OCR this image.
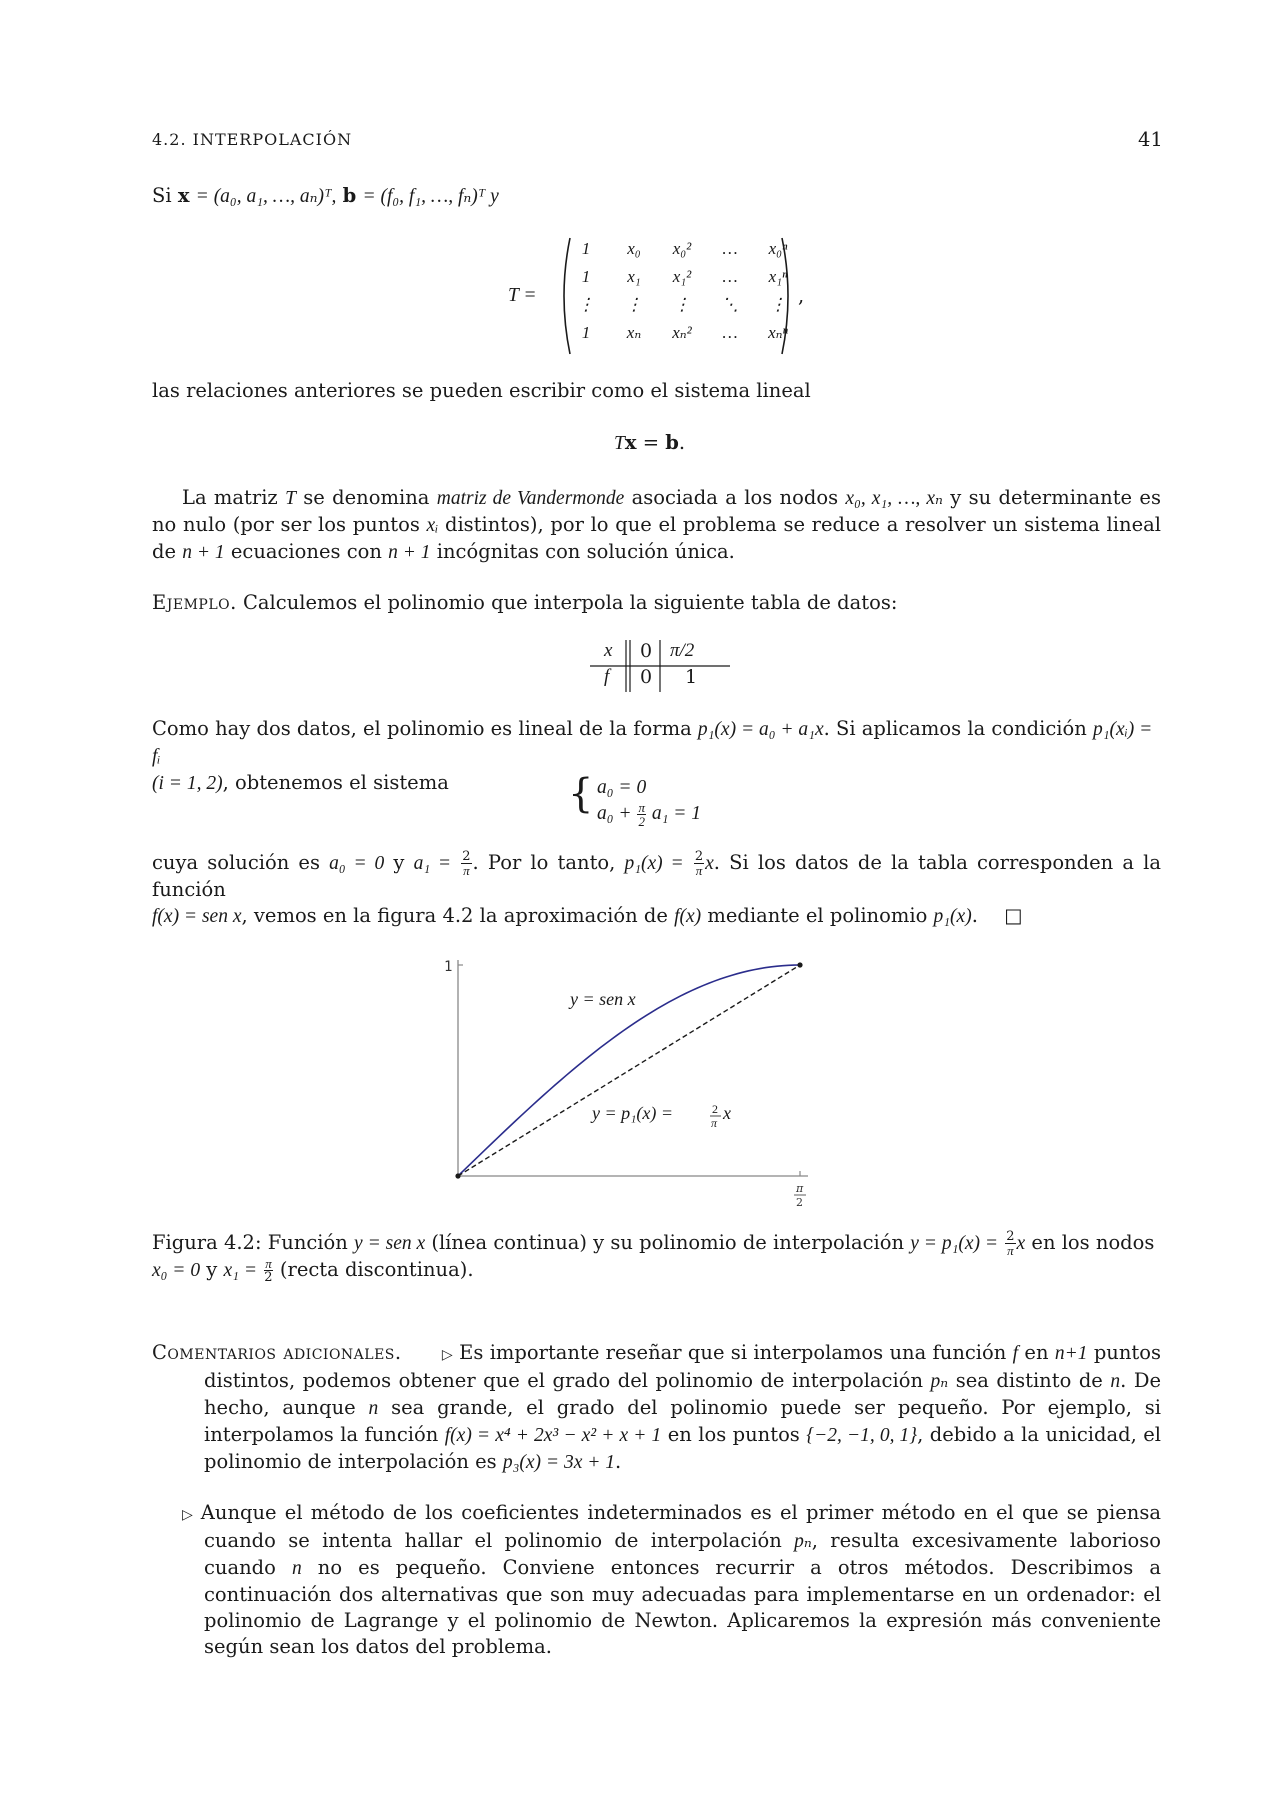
4.2. INTERPOLACIÓN	41
Si x = (a₀, a₁, …, aₙ)ᵀ, b = (f₀, f₁, …, fₙ)ᵀ y
T =
1	x₀	x₀²	…	x₀ⁿ
1	x₁	x₁²	…	x₁ⁿ
⋮	⋮	⋮	⋱	⋮
1	xₙ	xₙ²	…	xₙⁿ
,
las relaciones anteriores se pueden escribir como el sistema lineal
Tx = b.
La matriz T se denomina matriz de Vandermonde asociada a los nodos x₀, x₁, …, xₙ y su determinante es no nulo (por ser los puntos xᵢ distintos), por lo que el problema se reduce a resolver un sistema lineal de n + 1 ecuaciones con n + 1 incógnitas con solución única.
Ejemplo. Calculemos el polinomio que interpola la siguiente tabla de datos:
x 0 π/2
f 0 1
Como hay dos datos, el polinomio es lineal de la forma p₁(x) = a₀ + a₁x. Si aplicamos la condición p₁(xᵢ) = fᵢ
(i = 1, 2), obtenemos el sistema	{ a₀ = 0
$a_0 + \frac{\pi}{2} a_1 = 1$
cuya solución es a₀ = 0 y $a_1 = \frac{2}{\pi}$ . Por lo tanto, $p_1(x) = \frac{2}{\pi} x$. Si los datos de la tabla corresponden a la función
f(x) = sen x, vemos en la figura 4.2 la aproximación de f(x) mediante el polinomio p₁(x). □
1
π
2
y = sen x
y = p₁(x) =	2
π x
Figura 4.2: Función y = sen x (línea continua) y su polinomio de interpolación $y = p_1(x) = \frac{2}{\pi}$ x en los nodos
x₀ = 0 y $x_1 = \frac{\pi}{2}$ (recta discontinua).
Comentarios adicionales.	▷ Es importante reseñar que si interpolamos una función f en n+1 puntos distintos, podemos obtener que el grado del polinomio de interpolación pₙ sea distinto de n. De hecho, aunque n sea grande, el grado del polinomio puede ser pequeño. Por ejemplo, si interpolamos la función f(x) = x⁴ + 2x³ − x² + x + 1 en los puntos {−2, −1, 0, 1}, debido a la unicidad, el polinomio de interpolación es p₃(x) = 3x + 1.
▷ Aunque el método de los coeficientes indeterminados es el primer método en el que se piensa cuando se intenta hallar el polinomio de interpolación pₙ, resulta excesivamente laborioso cuando n no es pequeño. Conviene entonces recurrir a otros métodos. Describimos a continuación dos alternativas que son muy adecuadas para implementarse en un ordenador: el polinomio de Lagrange y el polinomio de Newton. Aplicaremos la expresión más conveniente según sean los datos del problema.
